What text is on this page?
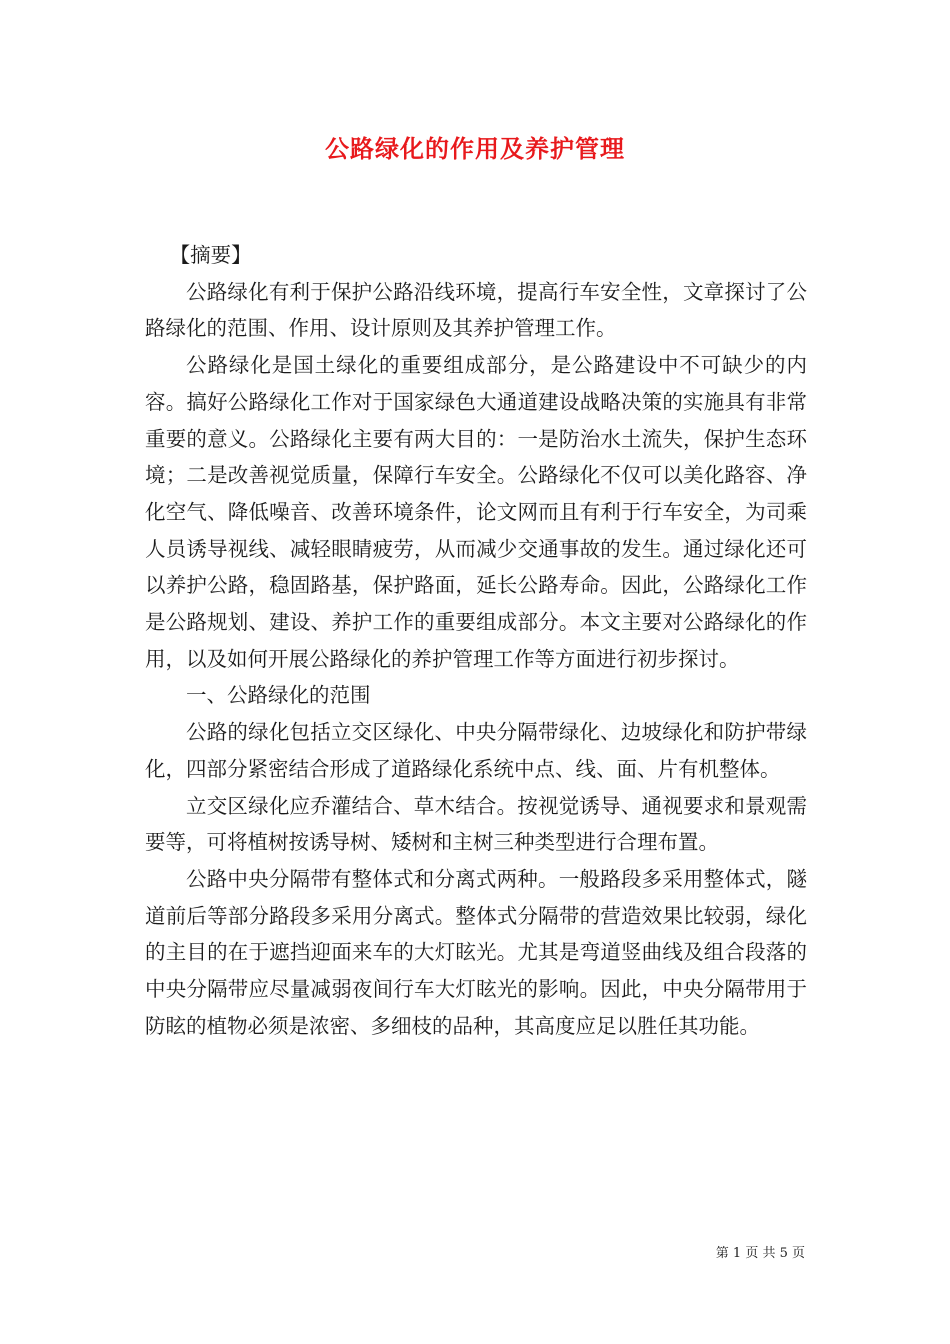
公路绿化的作用及养护管理

【摘要】

公路绿化有利于保护公路沿线环境，提高行车安全性，文章探讨了公路绿化的范围、作用、设计原则及其养护管理工作。

公路绿化是国土绿化的重要组成部分，是公路建设中不可缺少的内容。搞好公路绿化工作对于国家绿色大通道建设战略决策的实施具有非常重要的意义。公路绿化主要有两大目的：一是防治水土流失，保护生态环境；二是改善视觉质量，保障行车安全。公路绿化不仅可以美化路容、净化空气、降低噪音、改善环境条件，论文网而且有利于行车安全，为司乘人员诱导视线、减轻眼睛疲劳，从而减少交通事故的发生。通过绿化还可以养护公路，稳固路基，保护路面，延长公路寿命。因此，公路绿化工作是公路规划、建设、养护工作的重要组成部分。本文主要对公路绿化的作用，以及如何开展公路绿化的养护管理工作等方面进行初步探讨。

一、公路绿化的范围

公路的绿化包括立交区绿化、中央分隔带绿化、边坡绿化和防护带绿化，四部分紧密结合形成了道路绿化系统中点、线、面、片有机整体。

立交区绿化应乔灌结合、草木结合。按视觉诱导、通视要求和景观需要等，可将植树按诱导树、矮树和主树三种类型进行合理布置。

公路中央分隔带有整体式和分离式两种。一般路段多采用整体式，隧道前后等部分路段多采用分离式。整体式分隔带的营造效果比较弱，绿化的主目的在于遮挡迎面来车的大灯眩光。尤其是弯道竖曲线及组合段落的中央分隔带应尽量减弱夜间行车大灯眩光的影响。因此，中央分隔带用于防眩的植物必须是浓密、多细枝的品种，其高度应足以胜任其功能。

第 1 页 共 5 页
